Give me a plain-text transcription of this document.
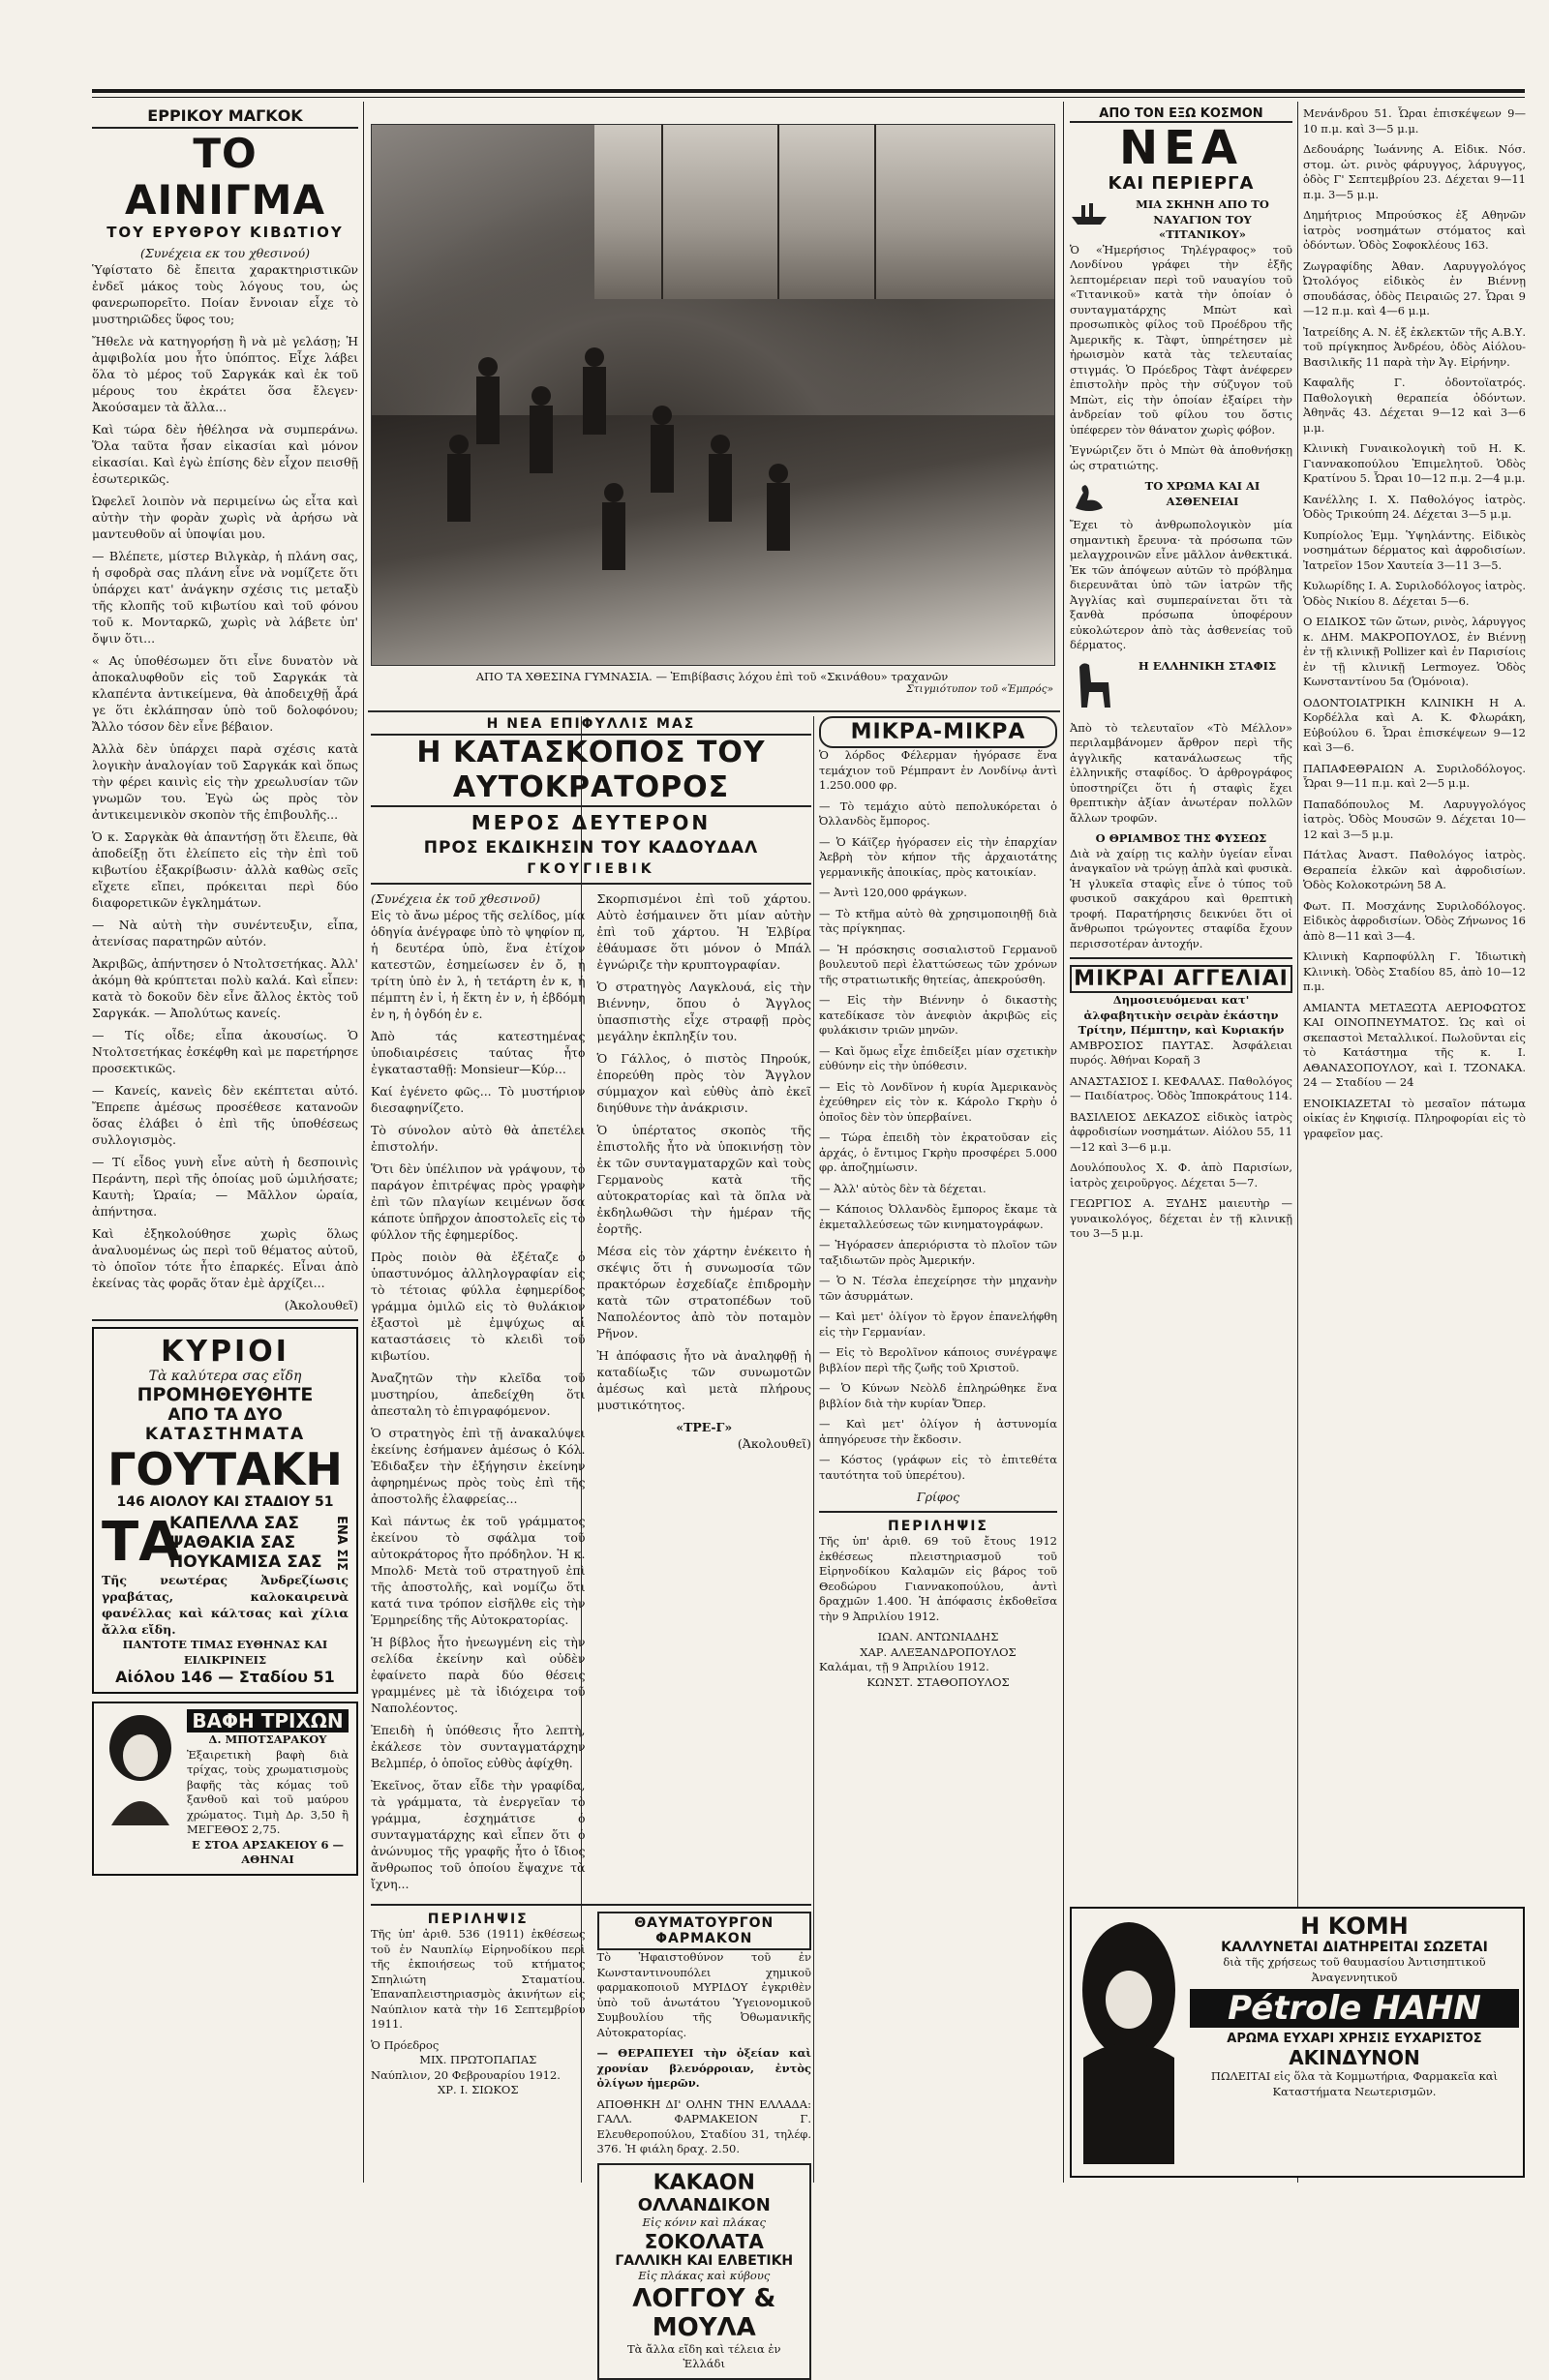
ΕΡΡΙΚΟΥ ΜΑΓΚΟΚ
ΤΟ ΑΙΝΙΓΜΑ
ΤΟΥ ΕΡΥΘΡΟΥ ΚΙΒΩΤΙΟΥ
(Συνέχεια εκ του χθεσινού)

Ὑφίστατο δὲ ἔπειτα χαρακτηριστικῶν ἐνδεῖ μάκος τοὺς λόγους του, ὡς φανερωπορεῖτο. Ποίαν ἔννοιαν εἶχε τὸ μυστηριῶδες ὕφος του;

Ἤθελε νὰ κατηγορήσῃ ἢ νὰ μὲ γελάσῃ; Ἡ ἀμφιβολία μου ἦτο ὑπόπτος. Εἶχε λάβει ὅλα τὸ μέρος τοῦ Σαργκάκ καὶ ἐκ τοῦ μέρους του ἐκράτει ὅσα ἔλεγεν· Ἀκούσαμεν τὰ ἄλλα...

Καὶ τώρα δὲν ἠθέλησα νὰ συμπεράνω. Ὅλα ταῦτα ἦσαν εἰκασίαι καὶ μόνον εἰκασίαι. Καὶ ἐγὼ ἐπίσης δὲν εἶχον πεισθῇ ἐσωτερικῶς.

Ὠφελεῖ λοιπὸν νὰ περιμείνω ὡς εἶτα καὶ αὐτὴν τὴν φορὰν χωρὶς νὰ ἀρήσω νὰ μαντευθοῦν αἱ ὑποψίαι μου.

— Βλέπετε, μίστερ Βιλγκὰρ, ἡ πλάνη σας, ἡ σφοδρὰ σας πλάνη εἶνε νὰ νομίζετε ὅτι ὑπάρχει κατ' ἀνάγκην σχέσις τις μεταξὺ τῆς κλοπῆς τοῦ κιβωτίου καὶ τοῦ φόνου τοῦ κ. Μονταρκῶ, χωρὶς νὰ λάβετε ὑπ' ὄψιν ὅτι...

« Ας ὑποθέσωμεν ὅτι εἶνε δυνατὸν νὰ ἀποκαλυφθοῦν εἰς τοῦ Σαργκάκ τὰ κλαπέντα ἀντικείμενα, θὰ ἀποδειχθῇ ἆρά γε ὅτι ἐκλάπησαν ὑπὸ τοῦ δολοφόνου; Ἄλλο τόσον δὲν εἶνε βέβαιον.

Ἀλλὰ δὲν ὑπάρχει παρὰ σχέσις κατὰ λογικὴν ἀναλογίαν τοῦ Σαργκάκ καὶ ὅπως τὴν φέρει καινὶς εἰς τὴν χρεωλυσίαν τῶν γνωμῶν του. Ἐγὼ ὡς πρὸς τὸν ἀντικειμενικὸν σκοπὸν τῆς ἐπιβουλῆς...

Ὁ κ. Σαργκὰκ θὰ ἀπαντήσῃ ὅτι ἔλειπε, θὰ ἀποδείξῃ ὅτι ἐλείπετο εἰς τὴν ἐπὶ τοῦ κιβωτίου ἐξακρίβωσιν· ἀλλὰ καθὼς σεῖς εἴχετε εἴπει, πρόκειται περὶ δύο διαφορετικῶν ἐγκλημάτων.

— Νὰ αὐτὴ τὴν συνέντευξιν, εἶπα, ἀτενίσας παρατηρῶν αὐτόν.

Ἀκριβῶς, ἀπήντησεν ὁ Ντολτσετήκας. Ἀλλ' ἀκόμη θὰ κρύπτεται πολὺ καλά. Καὶ εἶπεν: κατὰ τὸ δοκοῦν δὲν εἶνε ἄλλος ἐκτὸς τοῦ Σαργκάκ. — Ἀπολύτως κανείς.

— Τίς οἶδε; εἶπα ἀκουσίως. Ὁ Ντολτσετήκας ἐσκέφθη καὶ με παρετήρησε προσεκτικῶς.

— Κανείς, κανεὶς δὲν εκέπτεται αὐτό. Ἔπρεπε ἀμέσως προσέθεσε κατανοῶν ὅσας ἐλάβει ὁ ἐπὶ τῆς ὑποθέσεως συλλογισμὸς.

— Τί εἶδος γυνὴ εἶνε αὐτὴ ἡ δεσποινὶς Περάντη, περὶ τῆς ὁποίας μοῦ ὡμιλήσατε; Καυτὴ; Ὡραία; — Μᾶλλον ὡραία, ἀπήντησα.

Καὶ ἐξηκολούθησε χωρὶς ὅλως ἀναλυομένως ὡς περὶ τοῦ θέματος αὐτοῦ, τὸ ὁποῖον τότε ἦτο ἐπαρκές. Εἶναι ἀπὸ ἐκείνας τὰς φορᾶς ὅταν ἐμὲ ἀρχίζει...

(Ἀκολουθεῖ)
ΚΥΡΙΟΙ
Τὰ καλύτερα σας εἴδη
ΠΡΟΜΗΘΕΥΘΗΤΕ
ΑΠΟ ΤΑ ΔΥΟ
ΚΑΤΑΣΤΗΜΑΤΑ
ΓΟΥΤΑΚΗ
146 ΑΙΟΛΟΥ ΚΑΙ ΣΤΑΔΙΟΥ 51
ΤΑ
ΚΑΠΕΛΛΑ ΣΑΣ
ΨΑΘΑΚΙΑ ΣΑΣ
ΠΟΥΚΑΜΙΣΑ ΣΑΣ ΕΝΑ ΣΙΣ

Τῆς νεωτέρας Ἀνδρεζίωσις γραβάτας, καλοκαιρεινὰ φανέλλας καὶ κάλτσας καὶ χίλια ἄλλα εἴδη.

ΠΑΝΤΟΤΕ ΤΙΜΑΣ ΕΥΘΗΝΑΣ ΚΑΙ ΕΙΛΙΚΡΙΝΕΙΣ
Αἰόλου 146 — Σταδίου 51
ΒΑΦΗ ΤΡΙΧΩΝ
Δ. ΜΠΟΤΣΑΡΑΚΟΥ

Ἐξαιρετικὴ βαφὴ διὰ τρίχας, τοὺς χρωματισμοὺς βαφῆς τὰς κόμας τοῦ ξανθοῦ καὶ τοῦ μαύρου χρώματος. Τιμὴ Δρ. 3,50 ἢ ΜΕΓΕΘΟΣ 2,75.

Ε ΣΤΟΑ ΑΡΣΑΚΕΙΟΥ 6 — ΑΘΗΝΑΙ
ΑΠΟ ΤΑ ΧΘΕΣΙΝΑ ΓΥΜΝΑΣΙΑ. — Ἐπιβίβασις λόχου ἐπὶ τοῦ «Σκινάθου» τραχανῶν
Στιγμιότυπον τοῦ «Ἐμπρός»
Η ΝΕΑ ΕΠΙΦΥΛΛΙΣ ΜΑΣ
Η ΚΑΤΑΣΚΟΠΟΣ ΤΟΥ ΑΥΤΟΚΡΑΤΟΡΟΣ
ΜΕΡΟΣ ΔΕΥΤΕΡΟΝ
ΠΡΟΣ ΕΚΔΙΚΗΣΙΝ ΤΟΥ ΚΑΔΟΥΔΑΛ
ΓΚΟΥΓΙΕΒΙΚ
(Συνέχεια ἐκ τοῦ χθεσινοῦ)

Εἰς τὸ ἄνω μέρος τῆς σελίδος, μία ὁδηγία ἀνέγραφε ὑπὸ τὸ ψηφίον π, ἡ δευτέρα ὑπὸ, ἕνα ἐτίχον κατεστῶν, ἐσημείωσεν ἐν ὄ, ἡ τρίτη ὑπὸ ἐν λ, ἡ τετάρτη ἐν κ, ἡ πέμπτη ἐν ἰ, ἡ ἕκτη ἐν ν, ἡ ἑβδόμη ἐν η, ἡ ὀγδόη ἐν ε.

Ἀπὸ τάς κατεστημένας ὑποδιαιρέσεις ταύτας ἦτο ἐγκατασταθῇ: Monsieur—Κύρ...

Καί ἐγένετο φῶς... Τὸ μυστήριον διεσαφηνίζετο.

Τὸ σύνολον αὐτὸ θὰ ἀπετέλει ἐπιστολήν.

Ὅτι δὲν ὑπέλιπον νὰ γράψουν, τὸ παράγον ἐπιτρέψας πρὸς γραφὴν ἐπὶ τῶν πλαγίων κειμένων ὅσα κάποτε ὑπῆρχον ἀποστολεῖς εἰς τὸ φύλλον τῆς ἐφημερίδος.

Πρὸς ποιὸν θὰ ἐξέταζε ὁ ὑπαστυνόμος ἀλληλογραφίαν εἰς τὸ τέτοιας φύλλα ἐφημερίδος γράμμα ὁμιλῶ εἰς τὸ θυλάκιον ἐξαστοὶ μὲ ἐμψύχως αἱ καταστάσεις τὸ κλειδὶ τοῦ κιβωτίου.

Ἀναζητῶν τὴν κλεῖδα τοῦ μυστηρίου, ἀπεδείχθη ὅτι ἀπεσταλη τὸ ἐπιγραφόμενον.

Ὁ στρατηγὸς ἐπὶ τῇ ἀνακαλύψει ἐκείνης ἐσήμανεν ἀμέσως ὁ Κόλ. Ἐδιδαξεν τὴν ἐξήγησιν ἐκείνην ἀφηρημένως πρὸς τοὺς ἐπὶ τῆς ἀποστολῆς ἐλαφρείας...

Καὶ πάντως ἐκ τοῦ γράμματος ἐκείνου τὸ σφάλμα τοῦ αὐτοκράτορος ἦτο πρόδηλον. Ἡ κ. Μπολδ· Μετὰ τοῦ στρατηγοῦ ἐπὶ τῆς ἀποστολῆς, καὶ νομίζω ὅτι κατά τινα τρόπον εἰσῆλθε εἰς τὴν Ἑρμηρείδης τῆς Αὐτοκρατορίας.

Ἡ βίβλος ἦτο ἠνεωγμένη εἰς τὴν σελίδα ἐκείνην καὶ οὐδὲν ἐφαίνετο παρὰ δύο θέσεις γραμμένες μὲ τὰ ἰδιόχειρα τοῦ Ναπολέοντος.

Ἐπειδὴ ἡ ὑπόθεσις ἦτο λεπτὴ, ἐκάλεσε τὸν συνταγματάρχην Βελμπέρ, ὁ ὁποῖος εὐθὺς ἀφίχθη.

Ἐκεῖνος, ὅταν εἶδε τὴν γραφίδα, τὰ γράμματα, τὰ ἐνεργεῖαν τὸ γράμμα, ἐσχημάτισε ὁ συνταγματάρχης καὶ εἶπεν ὅτι ὁ ἀνώνυμος τῆς γραφῆς ἦτο ὁ ἴδιος ἄνθρωπος τοῦ ὁποίου ἔψαχνε τὰ ἴχνη...

Σκορπισμένοι ἐπὶ τοῦ χάρτου. Αὐτὸ ἐσήμαινεν ὅτι μίαν αὐτὴν ἐπὶ τοῦ χάρτου. Ἡ Ἑλβίρα ἐθάυμασε ὅτι μόνον ὁ Μπάλ ἐγνώριζε τὴν κρυπτογραφίαν.

Ὁ στρατηγὸς Λαγκλουά, εἰς τὴν Βιέννην, ὅπου ὁ Ἄγγλος ὑπασπιστὴς εἶχε στραφῇ πρὸς μεγάλην ἐκπληξίν του.

Ὁ Γάλλος, ὁ πιστὸς Πηρούκ, ἐπορεύθη πρὸς τὸν Ἄγγλον σύμμαχον καὶ εὐθὺς ἀπὸ ἐκεῖ διηύθυνε τὴν ἀνάκρισιν.

Ὁ ὑπέρτατος σκοπὸς τῆς ἐπιστολῆς ἦτο νὰ ὑποκινήσῃ τὸν ἐκ τῶν συνταγματαρχῶν καὶ τοὺς Γερμανοὺς κατὰ τῆς αὐτοκρατορίας καὶ τὰ ὅπλα νὰ ἐκδηλωθῶσι τὴν ἡμέραν τῆς ἐορτῆς.

Μέσα εἰς τὸν χάρτην ἐνέκειτο ἡ σκέψις ὅτι ἡ συνωμοσία τῶν πρακτόρων ἐσχεδίαζε ἐπιδρομὴν κατὰ τῶν στρατοπέδων τοῦ Ναπολέοντος ἀπὸ τὸν ποταμὸν Ρῆνον.

Ἡ ἀπόφασις ἦτο νὰ ἀναληφθῇ ἡ καταδίωξις τῶν συνωμοτῶν ἀμέσως καὶ μετὰ πλήρους μυστικότητος.

«ΤΡΕ-Γ»
(Ἀκολουθεῖ)
ΠΕΡΙΛΗΨΙΣ

Τῆς ὑπ' ἀριθ. 536 (1911) ἐκθέσεως τοῦ ἐν Ναυπλίῳ Εἰρηνοδίκου περὶ τῆς ἐκποιήσεως τοῦ κτήματος Σπηλιώτη Σταματίου. Ἐπαναπλειστηριασμὸς ἀκινήτων εἰς Ναύπλιον κατὰ τὴν 16 Σεπτεμβρίου 1911.

Ὁ Πρόεδρος
ΜΙΧ. ΠΡΩΤΟΠΑΠΑΣ
Ναύπλιον, 20 Φεβρουαρίου 1912.
ΧΡ. Ι. ΣΙΩΚΟΣ
ΘΑΥΜΑΤΟΥΡΓΟΝ ΦΑΡΜΑΚΟΝ

Τὸ Ἡφαιστοθύνον τοῦ ἐν Κωνσταντινουπόλει χημικοῦ φαρμακοποιοῦ ΜΥΡΙΔΟΥ ἐγκριθὲν ὑπὸ τοῦ ἀνωτάτου Ὑγειονομικοῦ Συμβουλίου τῆς Ὀθωμανικῆς Αὐτοκρατορίας.

— ΘΕΡΑΠΕΥΕΙ τὴν ὀξείαν καὶ χρονίαν βλενόρροιαν, ἐντὸς ὀλίγων ἡμερῶν.

ΑΠΟΘΗΚΗ ΔΙ' ΟΛΗΝ ΤΗΝ ΕΛΛΑΔΑ: ΓΑΛΛ. ΦΑΡΜΑΚΕΙΟΝ Γ. Ελευθεροπούλου, Σταδίου 31, τηλέφ. 376. Ἡ φιάλη δραχ. 2.50.

ΚΑΚΑΟΝ
ΟΛΛΑΝΔΙΚΟΝ
Εἰς κόνιν καὶ πλάκας
ΣΟΚΟΛΑΤΑ
ΓΑΛΛΙΚΗ ΚΑΙ ΕΛΒΕΤΙΚΗ
Εἰς πλάκας καὶ κύβους
ΛΟΓΓΟΥ & ΜΟΥΛΑ
Τὰ ἄλλα εἴδη καὶ τέλεια ἐν Ἑλλάδι
ΜΙΚΡΑ-ΜΙΚΡΑ

Ὁ λόρδος Φέλερμαν ἠγόρασε ἕνα τεμάχιον τοῦ Ρέμπραντ ἐν Λονδίνῳ ἀντὶ 1.250.000 φρ.

— Τὸ τεμάχιο αὐτὸ πεπολυκόρεται ὁ Ὀλλανδὸς ἔμπορος.

— Ὁ Κάϊζερ ἠγόρασεν εἰς τὴν ἐπαρχίαν Ἀεβρὴ τὸν κήπον τῆς ἀρχαιοτάτης γερμανικῆς ἀποικίας, πρὸς κατοικίαν.

— Ἀντὶ 120,000 φράγκων.

— Τὸ κτῆμα αὐτὸ θὰ χρησιμοποιηθῇ διὰ τὰς πρίγκηπας.

— Ἡ πρόσκησις σοσιαλιστοῦ Γερμανοῦ βουλευτοῦ περὶ ἐλαττώσεως τῶν χρόνων τῆς στρατιωτικῆς θητείας, ἀπεκρούσθη.

— Εἰς τὴν Βιέννην ὁ δικαστὴς κατεδίκασε τὸν ἀνεφιὸν ἀκριβῶς εἰς φυλάκισιν τριῶν μηνῶν.

— Καὶ ὅμως εἶχε ἐπιδείξει μίαν σχετικὴν εὐθύνην εἰς τὴν ὑπόθεσιν.

— Εἰς τὸ Λονδῖνον ἡ κυρία Ἀμερικανὸς ἐχεύθηρεν εἰς τὸν κ. Κάρολο Γκρὴυ ὁ ὁποῖος δὲν τὸν ὑπερβαίνει.

— Τώρα ἐπειδὴ τὸν ἐκρατοῦσαν εἰς ἀρχάς, ὁ ἔντιμος Γκρὴυ προσφέρει 5.000 φρ. ἀποζημίωσιν.

— Ἀλλ' αὐτὸς δὲν τὰ δέχεται.

— Κάποιος Ὀλλανδὸς ἔμπορος ἔκαμε τὰ ἐκμεταλλεύσεως τῶν κινηματογράφων.

— Ἠγόρασεν ἀπεριόριστα τὸ πλοῖον τῶν ταξιδιωτῶν πρὸς Ἀμερικήν.

— Ὁ Ν. Τέσλα ἐπεχείρησε τὴν μηχανὴν τῶν ἀσυρμάτων.

— Καὶ μετ' ὀλίγον τὸ ἔργον ἐπανελήφθη εἰς τὴν Γερμανίαν.

— Εἰς τὸ Βερολῖνον κάποιος συνέγραψε βιβλίον περὶ τῆς ζωῆς τοῦ Χριστοῦ.

— Ὁ Κύνων Νεὸλδ ἐπληρώθηκε ἕνα βιβλίον διὰ τὴν κυρίαν Ὄπερ.

— Καὶ μετ' ὀλίγον ἡ ἀστυνομία ἀπηγόρευσε τὴν ἔκδοσιν.

— Κόστος (γράφων εἰς τὸ ἐπιτεθέτα ταυτότητα τοῦ ὑπερέτου).

Γρίφος
ΠΕΡΙΛΗΨΙΣ

Τῆς ὑπ' ἀριθ. 69 τοῦ ἔτους 1912 ἐκθέσεως πλειστηριασμοῦ τοῦ Εἰρηνοδίκου Καλαμῶν εἰς βάρος τοῦ Θεοδώρου Γιαννακοπούλου, ἀντὶ δραχμῶν 1.400. Ἡ ἀπόφασις ἐκδοθεῖσα τὴν 9 Ἀπριλίου 1912.

ΙΩΑΝ. ΑΝΤΩΝΙΑΔΗΣ
ΧΑΡ. ΑΛΕΞΑΝΔΡΟΠΟΥΛΟΣ
Καλάμαι, τῇ 9 Ἀπριλίου 1912.
ΚΩΝΣΤ. ΣΤΑΘΟΠΟΥΛΟΣ
ΑΠΟ ΤΟΝ ΕΞΩ ΚΟΣΜΟΝ
ΝΕΑ
ΚΑΙ ΠΕΡΙΕΡΓΑ
ΜΙΑ ΣΚΗΝΗ ΑΠΟ ΤΟ ΝΑΥΑΓΙΟΝ ΤΟΥ «ΤΙΤΑΝΙΚΟΥ»

Ὁ «Ἡμερήσιος Τηλέγραφος» τοῦ Λονδίνου γράφει τὴν ἑξῆς λεπτομέρειαν περὶ τοῦ ναυαγίου τοῦ «Τιτανικοῦ» κατὰ τὴν ὁποίαν ὁ συνταγματάρχης Μπὼτ καὶ προσωπικὸς φίλος τοῦ Προέδρου τῆς Ἀμερικῆς κ. Τὰφτ, ὑπηρέτησεν μὲ ἡρωισμὸν κατὰ τὰς τελευταίας στιγμάς. Ὁ Πρόεδρος Τὰφτ ἀνέφερεν ἐπιστολὴν πρὸς τὴν σύζυγον τοῦ Μπὼτ, εἰς τὴν ὁποίαν ἐξαίρει τὴν ἀνδρείαν τοῦ φίλου του ὅστις ὑπέφερεν τὸν θάνατον χωρὶς φόβον.

Ἐγνώριζεν ὅτι ὁ Μπὼτ θὰ ἀποθνήσκῃ ὡς στρατιώτης.

ΤΟ ΧΡΩΜΑ ΚΑΙ ΑΙ ΑΣΘΕΝΕΙΑΙ

Ἔχει τὸ ἀνθρωπολογικὸν μία σημαντικὴ ἔρευνα· τὰ πρόσωπα τῶν μελαγχροινῶν εἶνε μᾶλλον ἀνθεκτικά. Ἐκ τῶν ἀπόψεων αὐτῶν τὸ πρόβλημα διερευνᾶται ὑπὸ τῶν ἰατρῶν τῆς Ἀγγλίας καὶ συμπεραίνεται ὅτι τὰ ξανθὰ πρόσωπα ὑποφέρουν εὐκολώτερον ἀπὸ τὰς ἀσθενείας τοῦ δέρματος.

Η ΕΛΛΗΝΙΚΗ ΣΤΑΦΙΣ

Ἀπὸ τὸ τελευταῖον «Τὸ Μέλλον» περιλαμβάνομεν ἄρθρον περὶ τῆς ἀγγλικῆς κατανάλωσεως τῆς ἑλληνικῆς σταφίδος. Ὁ ἀρθρογράφος ὑποστηρίζει ὅτι ἡ σταφὶς ἔχει θρεπτικὴν ἀξίαν ἀνωτέραν πολλῶν ἄλλων τροφῶν.

Ο ΘΡΙΑΜΒΟΣ ΤΗΣ ΦΥΣΕΩΣ

Διὰ νὰ χαίρῃ τις καλὴν ὑγείαν εἶναι ἀναγκαῖον νὰ τρώγῃ ἀπλὰ καὶ φυσικὰ. Ἡ γλυκεῖα σταφὶς εἶνε ὁ τύπος τοῦ φυσικοῦ σακχάρου καὶ θρεπτικὴ τροφή. Παρατήρησις δεικνύει ὅτι οἱ ἄνθρωποι τρώγοντες σταφίδα ἔχουν περισσοτέραν ἀντοχήν.

ΜΙΚΡΑΙ ΑΓΓΕΛΙΑΙ
Δημοσιευόμεναι κατ' ἀλφαβητικὴν σειρὰν ἑκάστην Τρίτην, Πέμπτην, καὶ Κυριακήν

ΑΜΒΡΟΣΙΟΣ ΠΑΥΤΑΣ. Ἀσφάλειαι πυρός. Ἀθήναι Κοραῆ 3

ΑΝΑΣΤΑΣΙΟΣ Ι. ΚΕΦΑΛΑΣ. Παθολόγος — Παιδίατρος. Ὁδὸς Ἱπποκράτους 114.

ΒΑΣΙΛΕΙΟΣ ΔΕΚΑΖΟΣ εἰδικὸς ἰατρὸς ἀφροδισίων νοσημάτων. Αἰόλου 55, 11—12 καὶ 3—6 μ.μ.

Δουλόπουλος Χ. Φ. ἀπὸ Παρισίων, ἰατρὸς χειροῦργος. Δέχεται 5—7.

ΓΕΩΡΓΙΟΣ Α. ΞΥΔΗΣ μαιευτὴρ — γυναικολόγος, δέχεται ἐν τῇ κλινικῇ του 3—5 μ.μ.

Μενάνδρου 51. Ὧραι ἐπισκέψεων 9—10 π.μ. καὶ 3—5 μ.μ.

Δεδουάρης Ἰωάννης Α. Εἰδικ. Νόσ. στομ. ὠτ. ρινὸς φάρυγγος, λάρυγγος, ὁδὸς Γ' Σεπτεμβρίου 23. Δέχεται 9—11 π.μ. 3—5 μ.μ.

Δημήτριος Μπρούσκος ἐξ Αθηνῶν ἰατρὸς νοσημάτων στόματος καὶ ὀδόντων. Ὁδὸς Σοφοκλέους 163.

Ζωγραφίδης Ἀθαν. Λαρυγγολόγος Ὠτολόγος εἰδικὸς ἐν Βιέννῃ σπουδάσας, ὁδὸς Πειραιῶς 27. Ὧραι 9—12 π.μ. καὶ 4—6 μ.μ.

Ἰατρείδης Α. Ν. ἐξ ἐκλεκτῶν τῆς Α.Β.Υ. τοῦ πρίγκηπος Ἀνδρέου, ὁδὸς Αἰόλου-Βασιλικῆς 11 παρὰ τὴν Ἁγ. Εἰρήνην.

Καφαλῆς Γ. ὀδοντοϊατρός. Παθολογικὴ θεραπεία ὀδόντων. Ἀθηνᾶς 43. Δέχεται 9—12 καὶ 3—6 μ.μ.

Κλινικὴ Γυναικολογικὴ τοῦ Η. Κ. Γιαννακοπούλου Ἐπιμελητοῦ. Ὁδὸς Κρατίνου 5. Ὧραι 10—12 π.μ. 2—4 μ.μ.

Κανέλλης Ι. Χ. Παθολόγος ἰατρὸς. Ὁδὸς Τρικούπη 24. Δέχεται 3—5 μ.μ.

Κυπρίολος Ἐμμ. Ὑψηλάντης. Εἰδικὸς νοσημάτων δέρματος καὶ ἀφροδισίων. Ἰατρεῖον 15ον Χαυτεία 3—11 3—5.

Κυλωρίδης Ι. Α. Συριλοδόλογος ἰατρὸς. Ὁδὸς Νικίου 8. Δέχεται 5—6.

Ο ΕΙΔΙΚΟΣ τῶν ὤτων, ρινὸς, λάρυγγος κ. ΔΗΜ. ΜΑΚΡΟΠΟΥΛΟΣ, ἐν Βιέννῃ ἐν τῇ κλινικῇ Pollizer καὶ ἐν Παρισίοις ἐν τῇ κλινικῇ Lermoyez. Ὁδὸς Κωνσταντίνου 5α (Ὁμόνοια).

ΟΔΟΝΤΟΙΑΤΡΙΚΗ ΚΛΙΝΙΚΗ Η Α. Κορδέλλα καὶ Α. Κ. Φλωράκη, Εὐβούλου 6. Ὧραι ἐπισκέψεων 9—12 καὶ 3—6.

ΠΑΠΑΦΕΘΡΑΙΩΝ Α. Συριλοδόλογος. Ὧραι 9—11 π.μ. καὶ 2—5 μ.μ.

Παπαδόπουλος Μ. Λαρυγγολόγος ἰατρὸς. Ὁδὸς Μουσῶν 9. Δέχεται 10—12 καὶ 3—5 μ.μ.

Πάτλας Ἀναστ. Παθολόγος ἰατρὸς. Θεραπεία ἐλκῶν καὶ ἀφροδισίων. Ὁδὸς Κολοκοτρώνη 58 Α.

Φωτ. Π. Μοσχάνης Συριλοδόλογος. Εἰδικὸς ἀφροδισίων. Ὁδὸς Ζήνωνος 16 ἀπὸ 8—11 καὶ 3—4.

Κλινικὴ Καρποφύλλη Γ. Ἰδιωτικὴ Κλινικὴ. Ὁδὸς Σταδίου 85, ἀπὸ 10—12 π.μ.

ΑΜΙΑΝΤΑ ΜΕΤΑΞΩΤΑ ΑΕΡΙΟΦΩΤΟΣ ΚΑΙ ΟΙΝΟΠΝΕΥΜΑΤΟΣ. Ὡς καὶ οἱ σκεπαστοὶ Μεταλλικοί. Πωλοῦνται εἰς τὸ Κατάστημα τῆς κ. Ι. ΑΘΑΝΑΣΟΠΟΥΛΟΥ, καὶ Ι. ΤΖΟΝΑΚΑ. 24 — Σταδίου — 24

ΕΝΟΙΚΙΑΖΕΤΑΙ τὸ μεσαῖον πάτωμα οἰκίας ἐν Κηφισίᾳ. Πληροφορίαι εἰς τὸ γραφεῖον μας.

Η ΚΟΜΗ
ΚΑΛΛΥΝΕΤΑΙ ΔΙΑΤΗΡΕΙΤΑΙ ΣΩΖΕΤΑΙ
διὰ τῆς χρήσεως τοῦ θαυμασίου Ἀντισηπτικοῦ Ἀναγεννητικοῦ
Pétrole HAHN
ΑΡΩΜΑ ΕΥΧΑΡΙ ΧΡΗΣΙΣ ΕΥΧΑΡΙΣΤΟΣ
ΑΚΙΝΔΥΝΟΝ
ΠΩΛΕΙΤΑΙ εἰς ὅλα τὰ Κομμωτήρια, Φαρμακεῖα καὶ Καταστήματα Νεωτερισμῶν.
